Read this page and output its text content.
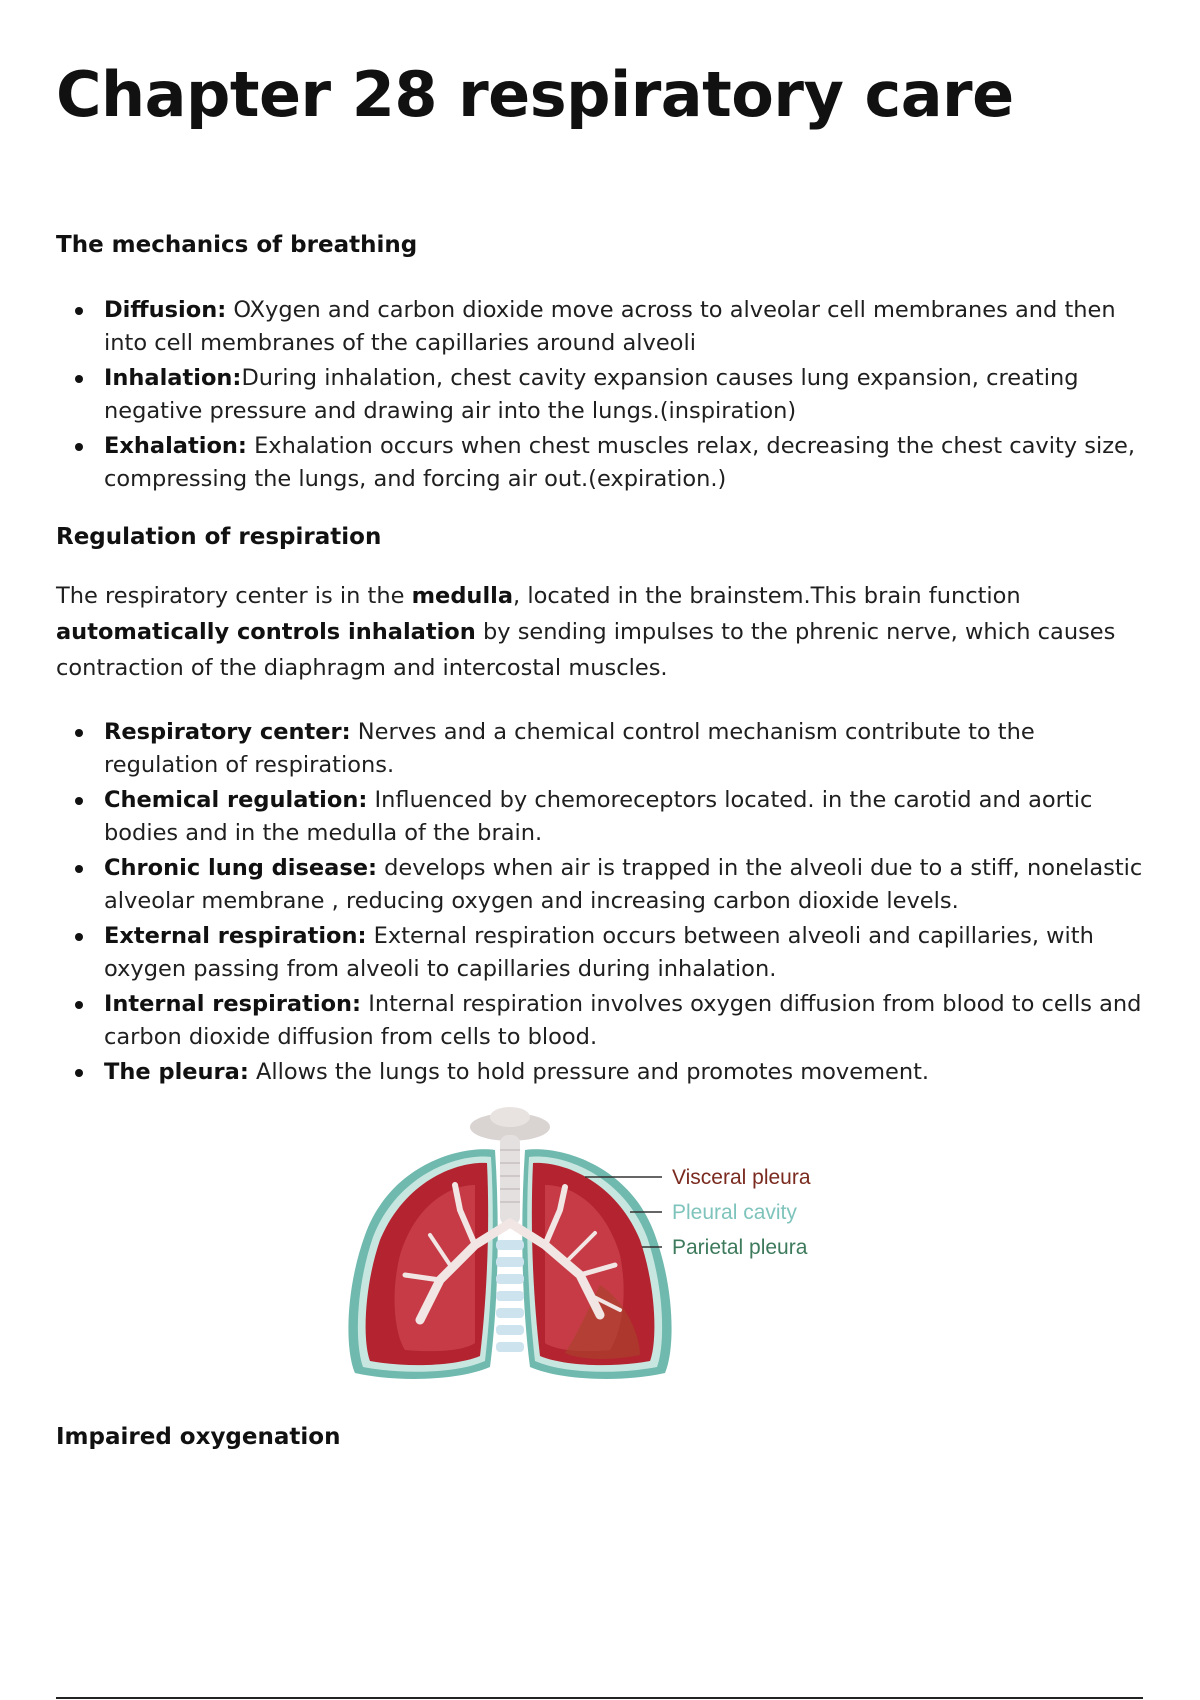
Chapter 28 respiratory care
The mechanics of breathing
Diffusion: OXygen and carbon dioxide move across to alveolar cell membranes and then into cell membranes of the capillaries around alveoli
Inhalation:During inhalation, chest cavity expansion causes lung expansion, creating negative pressure and drawing air into the lungs.(inspiration)
Exhalation: Exhalation occurs when chest muscles relax, decreasing the chest cavity size, compressing the lungs, and forcing air out.(expiration.)
Regulation of respiration

The respiratory center is in the medulla, located in the brainstem.This brain function automatically controls inhalation by sending impulses to the phrenic nerve, which causes contraction of the diaphragm and intercostal muscles.

Respiratory center: Nerves and a chemical control mechanism contribute to the regulation of respirations.
Chemical regulation: Influenced by chemoreceptors located. in the carotid and aortic bodies and in the medulla of the brain.
Chronic lung disease: develops when air is trapped in the alveoli due to a stiff, nonelastic alveolar membrane , reducing oxygen and increasing carbon dioxide levels.
External respiration: External respiration occurs between alveoli and capillaries, with oxygen passing from alveoli to capillaries during inhalation.
Internal respiration: Internal respiration involves oxygen diffusion from blood to cells and carbon dioxide diffusion from cells to blood.
The pleura: Allows the lungs to hold pressure and promotes movement.
Impaired oxygenation
Visceral pleura
Pleural cavity
Parietal pleura
